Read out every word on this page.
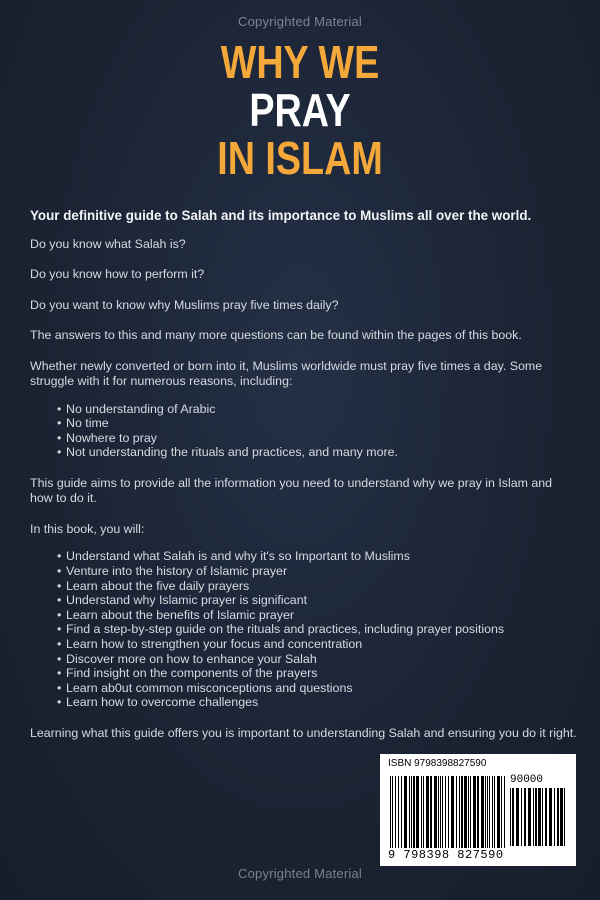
Copyrighted Material
WHY WE
PRAY
IN ISLAM

Your definitive guide to Salah and its importance to Muslims all over the world.

Do you know what Salah is?

Do you know how to perform it?

Do you want to know why Muslims pray five times daily?

The answers to this and many more questions can be found within the pages of this book.

Whether newly converted or born into it, Muslims worldwide must pray five times a day. Some struggle with it for numerous reasons, including:

• No understanding of Arabic
• No time
• Nowhere to pray
• Not understanding the rituals and practices, and many more.

This guide aims to provide all the information you need to understand why we pray in Islam and how to do it.

In this book, you will:

• Understand what Salah is and why it's so Important to Muslims
• Venture into the history of Islamic prayer
• Learn about the five daily prayers
• Understand why Islamic prayer is significant
• Learn about the benefits of Islamic prayer
• Find a step-by-step guide on the rituals and practices, including prayer positions
• Learn how to strengthen your focus and concentration
• Discover more on how to enhance your Salah
• Find insight on the components of the prayers
• Learn ab0ut common misconceptions and questions
• Learn how to overcome challenges

Learning what this guide offers you is important to understanding Salah and ensuring you do it right.

ISBN 9798398827590
90000
9 798398 827590
Copyrighted Material
